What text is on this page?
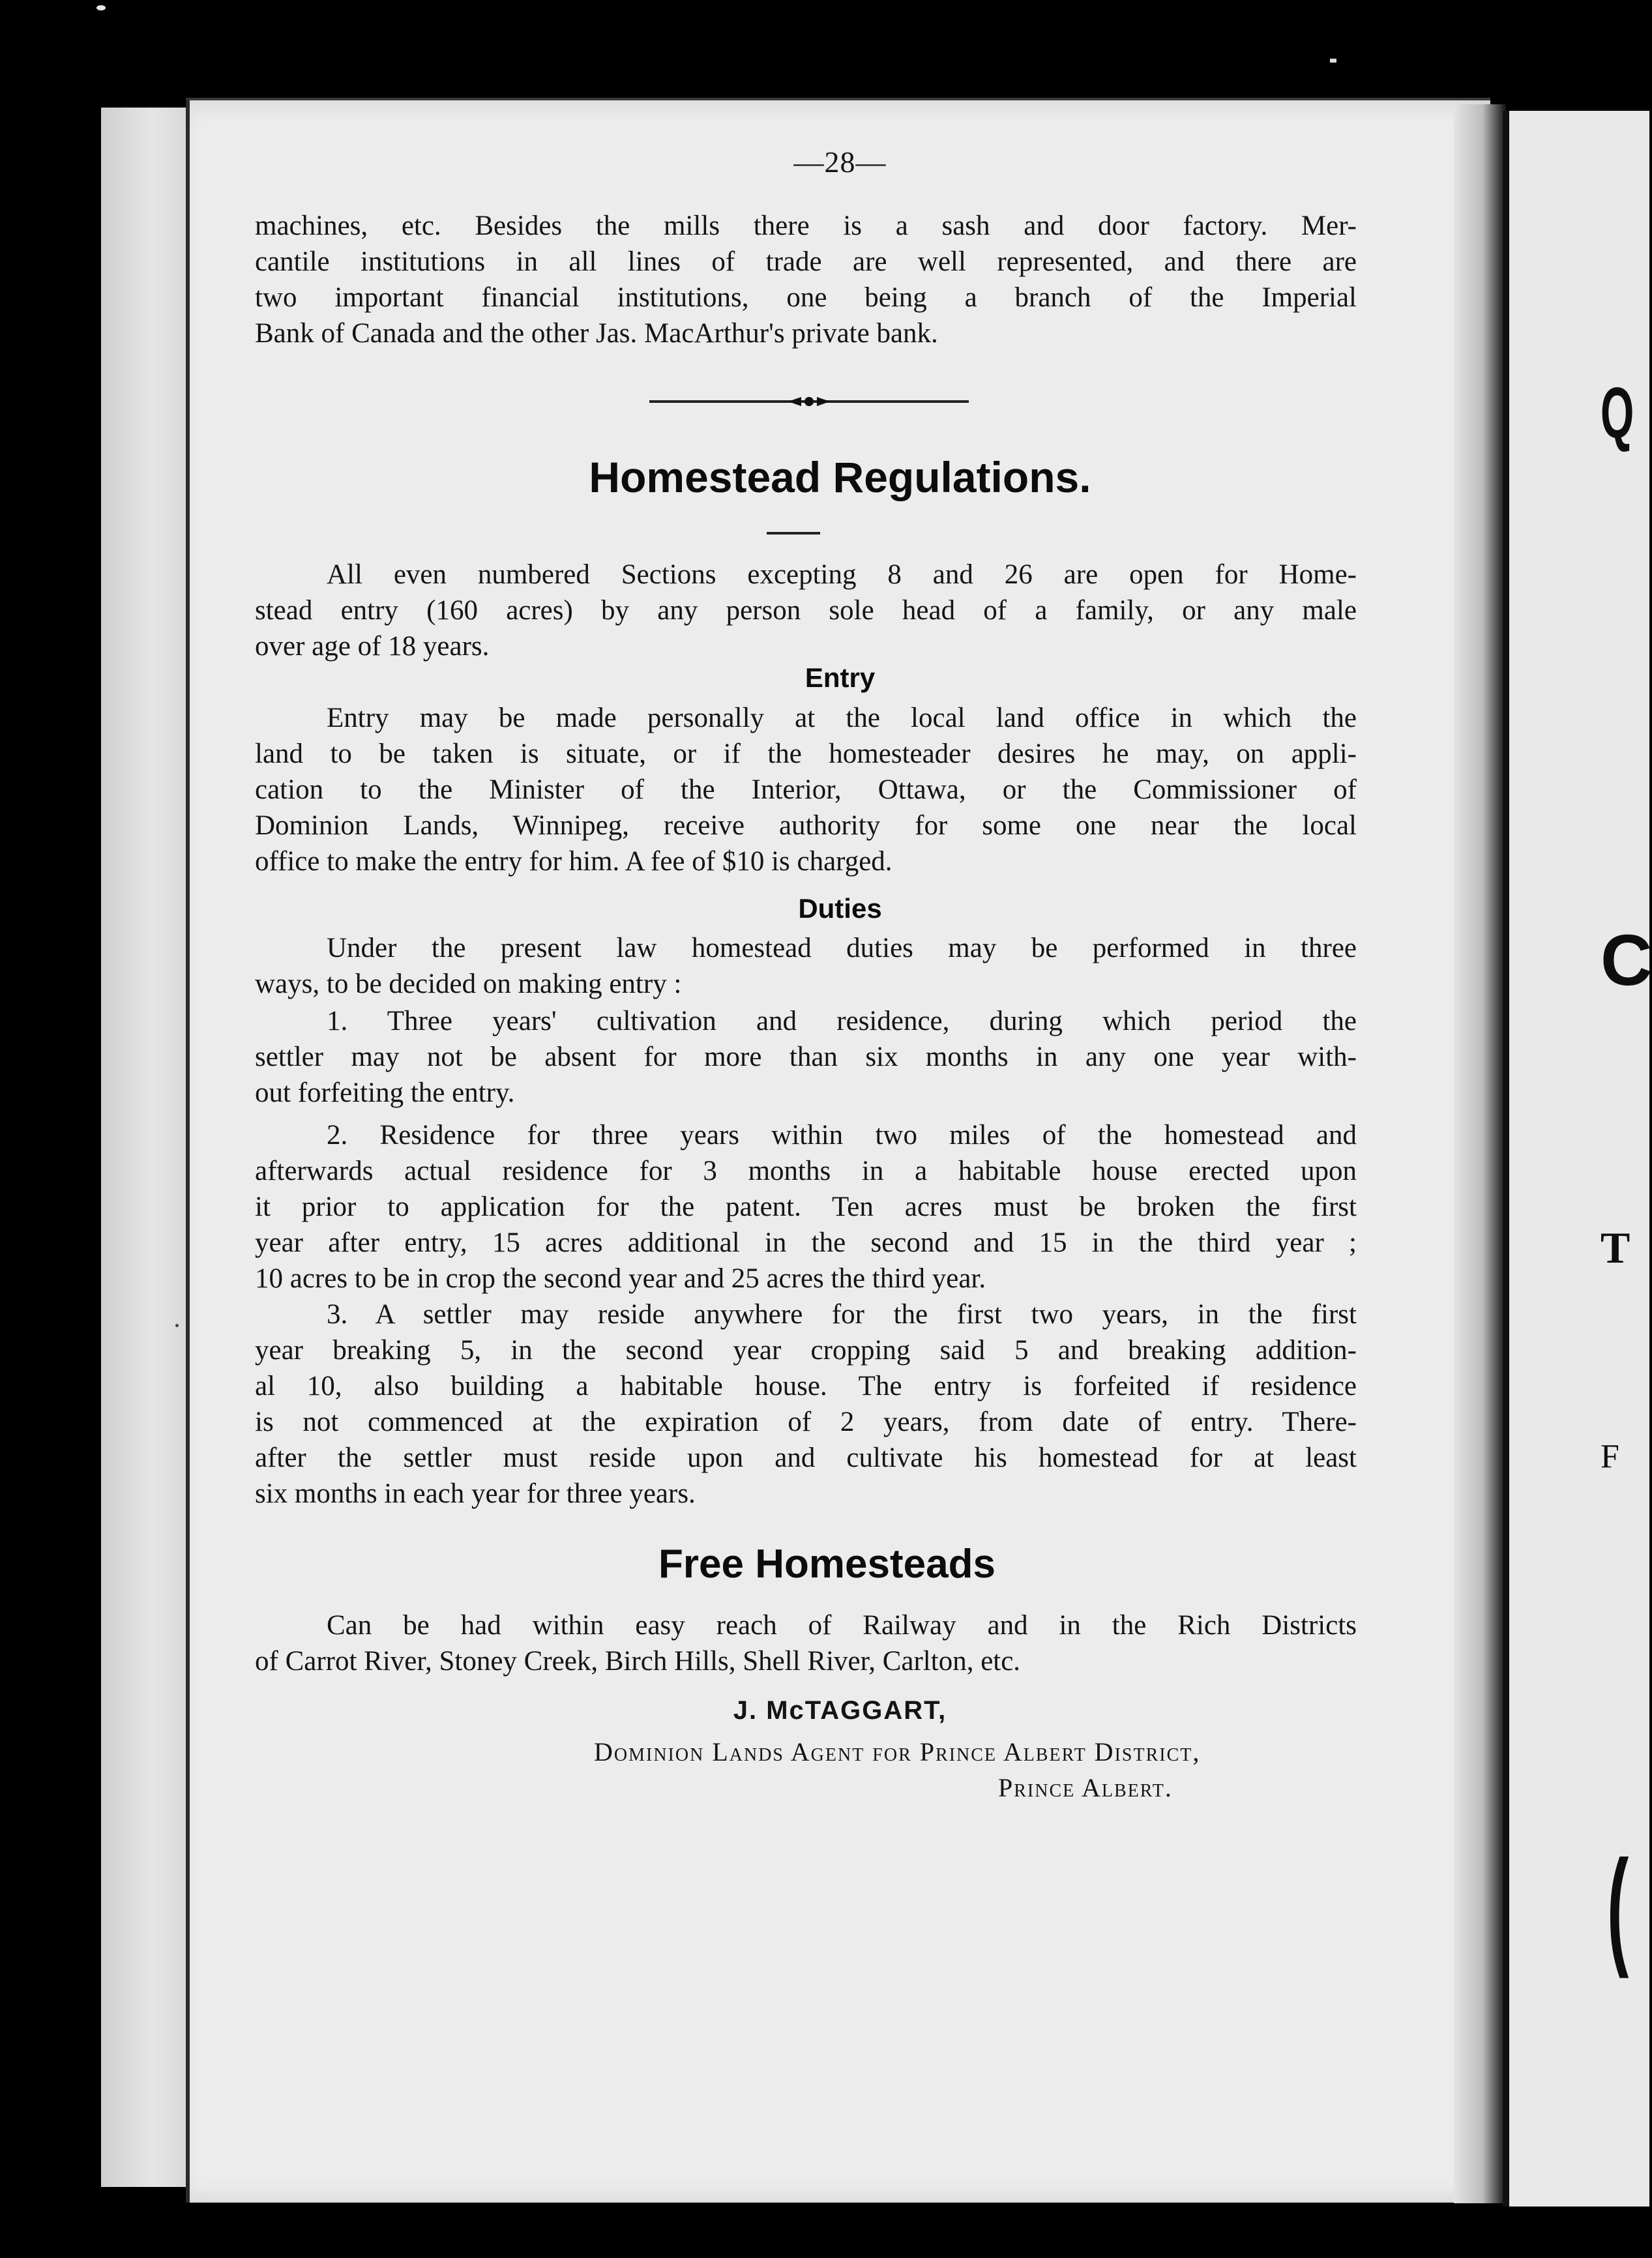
—28—
machines, etc. Besides the mills there is a sash and door factory. Mer-
cantile institutions in all lines of trade are well represented, and there are
two important financial institutions, one being a branch of the Imperial
Bank of Canada and the other Jas. MacArthur's private bank.
Homestead Regulations.
All even numbered Sections excepting 8 and 26 are open for Home-
stead entry (160 acres) by any person sole head of a family, or any male
over age of 18 years.
Entry
Entry may be made personally at the local land office in which the
land to be taken is situate, or if the homesteader desires he may, on appli-
cation to the Minister of the Interior, Ottawa, or the Commissioner of
Dominion Lands, Winnipeg, receive authority for some one near the local
office to make the entry for him. A fee of $10 is charged.
Duties
Under the present law homestead duties may be performed in three
ways, to be decided on making entry :
1. Three years' cultivation and residence, during which period the
settler may not be absent for more than six months in any one year with-
out forfeiting the entry.
2. Residence for three years within two miles of the homestead and
afterwards actual residence for 3 months in a habitable house erected upon
it prior to application for the patent. Ten acres must be broken the first
year after entry, 15 acres additional in the second and 15 in the third year ;
10 acres to be in crop the second year and 25 acres the third year.
3. A settler may reside anywhere for the first two years, in the first
year breaking 5, in the second year cropping said 5 and breaking addition-
al 10, also building a habitable house. The entry is forfeited if residence
is not commenced at the expiration of 2 years, from date of entry. There-
after the settler must reside upon and cultivate his homestead for at least
six months in each year for three years.
Free Homesteads
Can be had within easy reach of Railway and in the Rich Districts
of Carrot River, Stoney Creek, Birch Hills, Shell River, Carlton, etc.
J. McTAGGART,
Dominion Lands Agent for Prince Albert District,
Prince Albert.
Q
C
T
F
(
